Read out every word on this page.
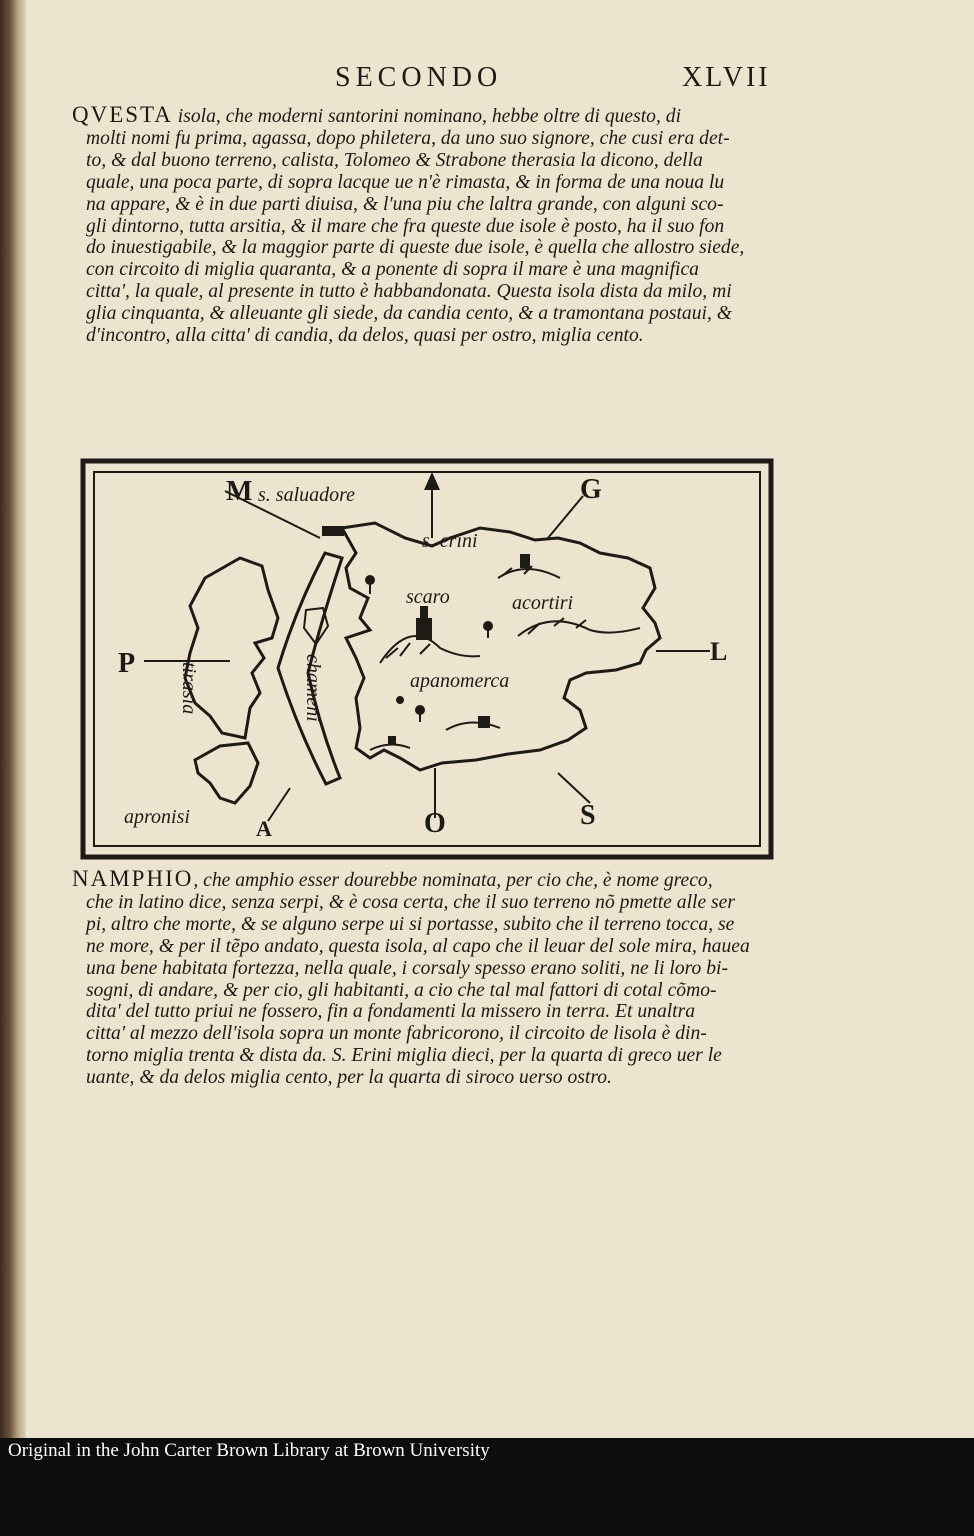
SECONDO	XLVII

QVESTA isola, che moderni santorini nominano, hebbe oltre di questo, di
molti nomi fu prima, agassa, dopo philetera, da uno suo signore, che cusi era det-
to, & dal buono terreno, calista, Tolomeo & Strabone therasia la dicono, della
quale, una poca parte, di sopra lacque ue n'è rimasta, & in forma de una noua lu
na appare, & è in due parti diuisa, & l'una piu che laltra grande, con alguni sco-
gli dintorno, tutta arsitia, & il mare che fra queste due isole è posto, ha il suo fon
do inuestigabile, & la maggior parte di queste due isole, è quella che allostro siede,
con circoito di miglia quaranta, & a ponente di sopra il mare è una magnifica
citta', la quale, al presente in tutto è habbandonata. Questa isola dista da milo, mi
glia cinquanta, & alleuante gli siede, da candia cento, & a tramontana postaui, &
d'incontro, alla citta' di candia, da delos, quasi per ostro, miglia cento.

M	G
L
O	S
A
P
s. saluadore
s. erini
scaro	acortiri
apanomerca
apronisi
tirasia	chameni

NAMPHIO, che amphio esser dourebbe nominata, per cio che, è nome greco,
che in latino dice, senza serpi, & è cosa certa, che il suo terreno nõ pmette alle ser
pi, altro che morte, & se alguno serpe ui si portasse, subito che il terreno tocca, se
ne more, & per il tẽpo andato, questa isola, al capo che il leuar del sole mira, hauea
una bene habitata fortezza, nella quale, i corsaly spesso erano soliti, ne li loro bi-
sogni, di andare, & per cio, gli habitanti, a cio che tal mal fattori di cotal cõmo-
dita' del tutto priui ne fossero, fin a fondamenti la missero in terra. Et unaltra
citta' al mezzo dell'isola sopra un monte fabricorono, il circoito de lisola è din-
torno miglia trenta & dista da. S. Erini miglia dieci, per la quarta di greco uer le
uante, & da delos miglia cento, per la quarta di siroco uerso ostro.

Original in the John Carter Brown Library at Brown University
